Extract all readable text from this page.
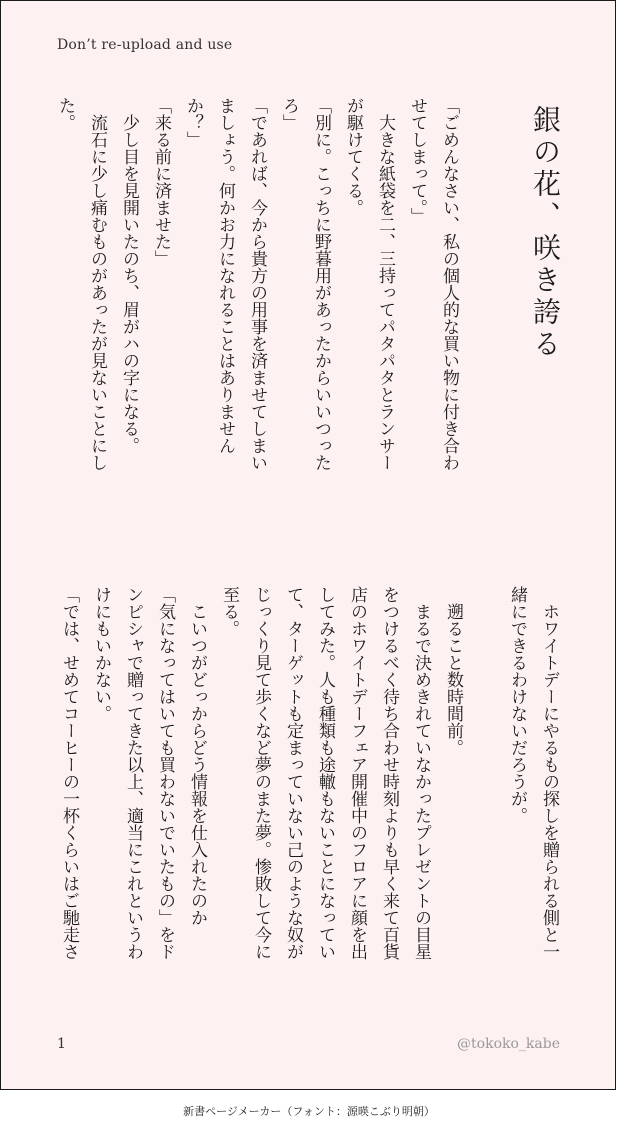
Don’t re-upload and use
銀の花、咲き誇る
「ごめんなさい、私の個人的な買い物に付き合わ
せてしまって。」
　大きな紙袋を二、三持ってパタパタとランサー
が駆けてくる。
「別に。こっちに野暮用があったからいいつった
ろ」
「であれば、今から貴方の用事を済ませてしまい
ましょう。何かお力になれることはありません
か？」
「来る前に済ませた」
　少し目を見開いたのち、眉がハの字になる。
　流石に少し痛むものがあったが見ないことにし
た。
　ホワイトデーにやるもの探しを贈られる側と一
緒にできるわけないだろうが。

　遡ること数時間前。
　まるで決めきれていなかったプレゼントの目星
をつけるべく待ち合わせ時刻よりも早く来て百貨
店のホワイトデーフェア開催中のフロアに顔を出
してみた。人も種類も途轍もないことになってい
て、ターゲットも定まっていない己のような奴が
じっくり見て歩くなど夢のまた夢。惨敗して今に
至る。
　こいつがどっからどう情報を仕入れたのか
「気になってはいても買わないでいたもの」をド
ンピシャで贈ってきた以上、適当にこれというわ
けにもいかない。
「では、せめてコーヒーの一杯くらいはご馳走さ
1	@tokoko_kabe
新書ページメーカー（フォント：源暎こぶり明朝）
